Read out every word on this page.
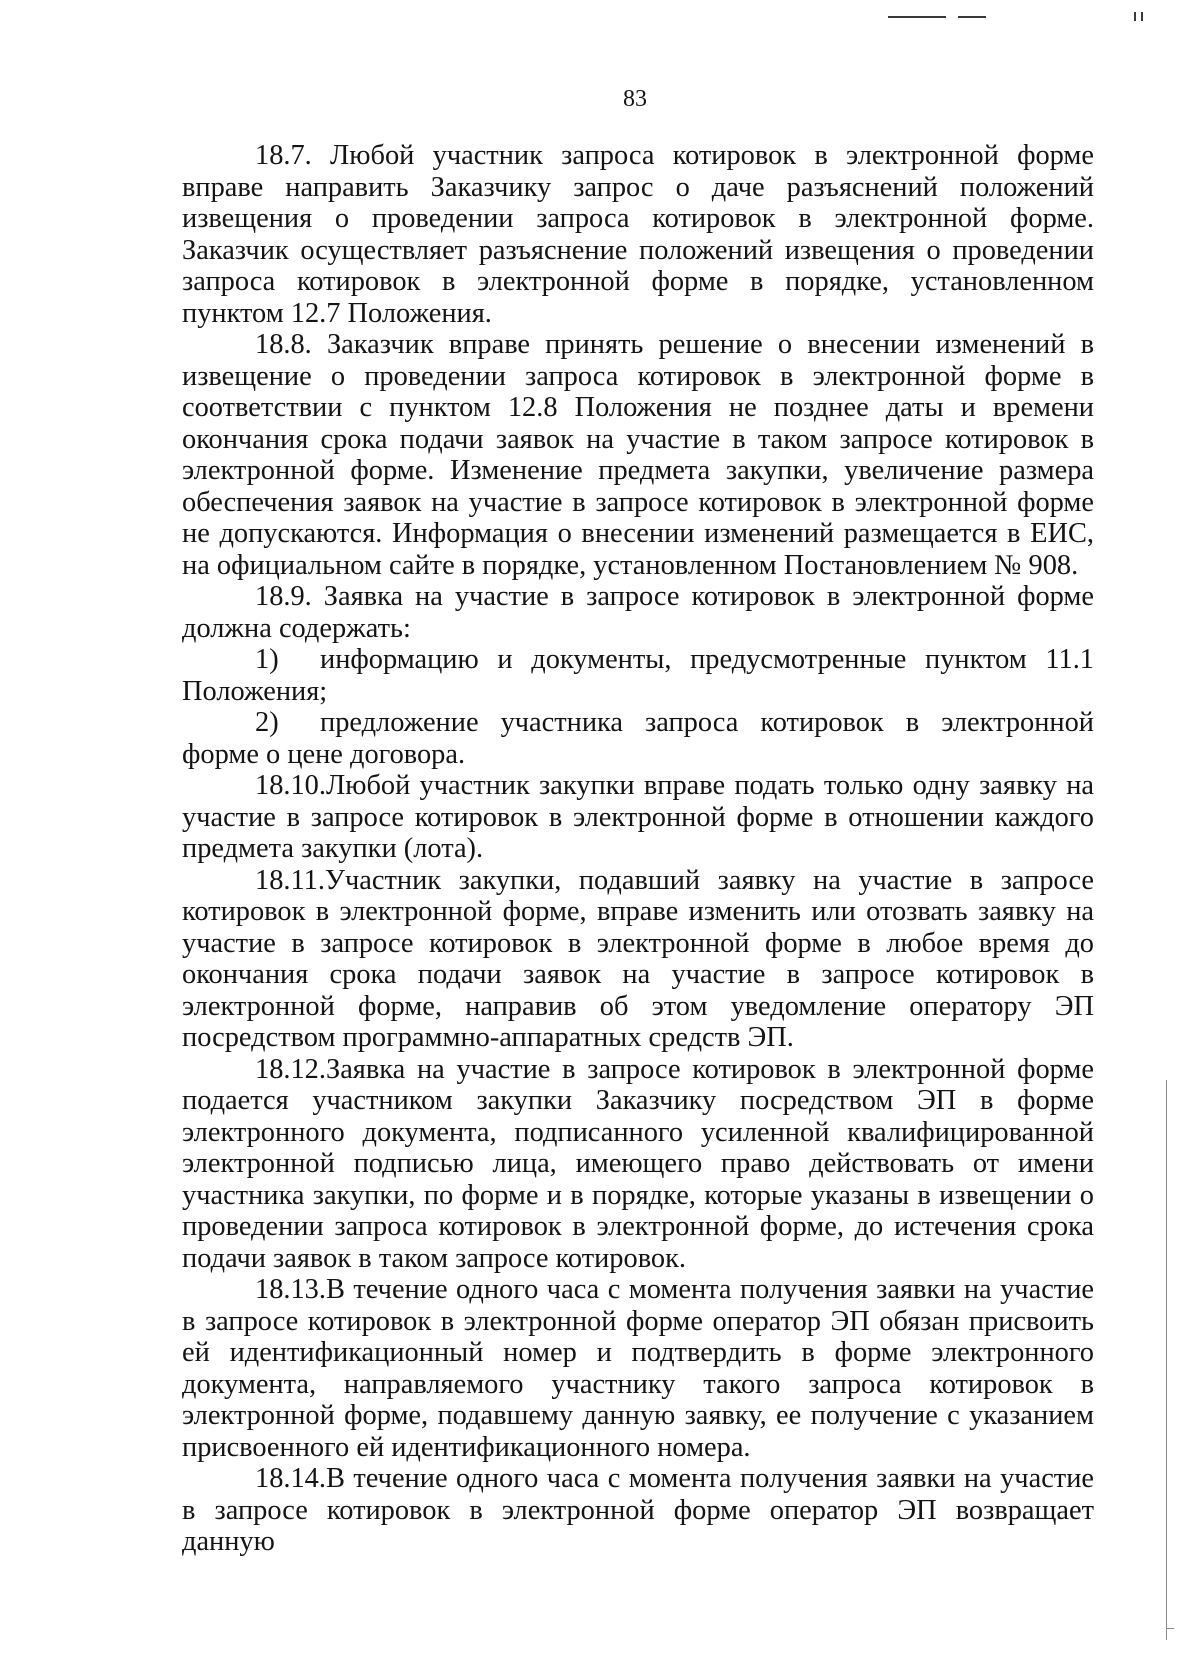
83

18.7. Любой участник запроса котировок в электронной форме вправе направить Заказчику запрос о даче разъяснений положений извещения о проведении запроса котировок в электронной форме. Заказчик осуществляет разъяснение положений извещения о проведении запроса котировок в электронной форме в порядке, установленном пунктом 12.7 Положения.

18.8. Заказчик вправе принять решение о внесении изменений в извещение о проведении запроса котировок в электронной форме в соответствии с пунктом 12.8 Положения не позднее даты и времени окончания срока подачи заявок на участие в таком запросе котировок в электронной форме. Изменение предмета закупки, увеличение размера обеспечения заявок на участие в запросе котировок в электронной форме не допускаются. Информация о внесении изменений размещается в ЕИС, на официальном сайте в порядке, установленном Постановлением № 908.

18.9. Заявка на участие в запросе котировок в электронной форме должна содержать:

1) информацию и документы, предусмотренные пунктом 11.1 Положения;

2) предложение участника запроса котировок в электронной форме о цене договора.

18.10.Любой участник закупки вправе подать только одну заявку на участие в запросе котировок в электронной форме в отношении каждого предмета закупки (лота).

18.11.Участник закупки, подавший заявку на участие в запросе котировок в электронной форме, вправе изменить или отозвать заявку на участие в запросе котировок в электронной форме в любое время до окончания срока подачи заявок на участие в запросе котировок в электронной форме, направив об этом уведомление оператору ЭП посредством программно-аппаратных средств ЭП.

18.12.Заявка на участие в запросе котировок в электронной форме подается участником закупки Заказчику посредством ЭП в форме электронного документа, подписанного усиленной квалифицированной электронной подписью лица, имеющего право действовать от имени участника закупки, по форме и в порядке, которые указаны в извещении о проведении запроса котировок в электронной форме, до истечения срока подачи заявок в таком запросе котировок.

18.13.В течение одного часа с момента получения заявки на участие в запросе котировок в электронной форме оператор ЭП обязан присвоить ей идентификационный номер и подтвердить в форме электронного документа, направляемого участнику такого запроса котировок в электронной форме, подавшему данную заявку, ее получение с указанием присвоенного ей идентификационного номера.

18.14.В течение одного часа с момента получения заявки на участие в запросе котировок в электронной форме оператор ЭП возвращает данную
